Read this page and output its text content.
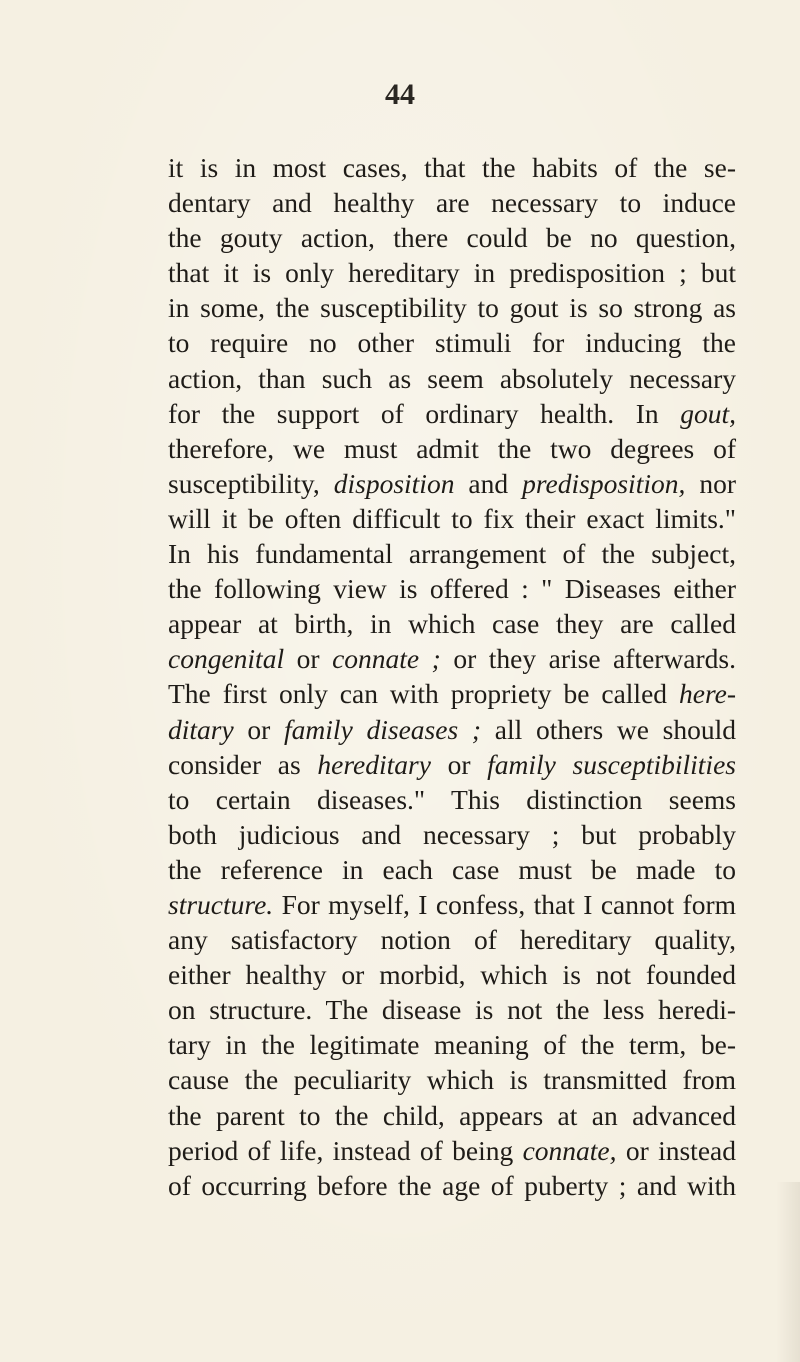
44
it is in most cases, that the habits of the se-
dentary and healthy are necessary to induce
the gouty action, there could be no question,
that it is only hereditary in predisposition ; but
in some, the susceptibility to gout is so strong as
to require no other stimuli for inducing the
action, than such as seem absolutely necessary
for the support of ordinary health. In gout,
therefore, we must admit the two degrees of
susceptibility, disposition and predisposition, nor
will it be often difficult to fix their exact limits."
In his fundamental arrangement of the subject,
the following view is offered : " Diseases either
appear at birth, in which case they are called
congenital or connate ; or they arise afterwards.
The first only can with propriety be called here-
ditary or family diseases ; all others we should
consider as hereditary or family susceptibilities
to certain diseases." This distinction seems
both judicious and necessary ; but probably
the reference in each case must be made to
structure. For myself, I confess, that I cannot form
any satisfactory notion of hereditary quality,
either healthy or morbid, which is not founded
on structure. The disease is not the less heredi-
tary in the legitimate meaning of the term, be-
cause the peculiarity which is transmitted from
the parent to the child, appears at an advanced
period of life, instead of being connate, or instead
of occurring before the age of puberty ; and with
